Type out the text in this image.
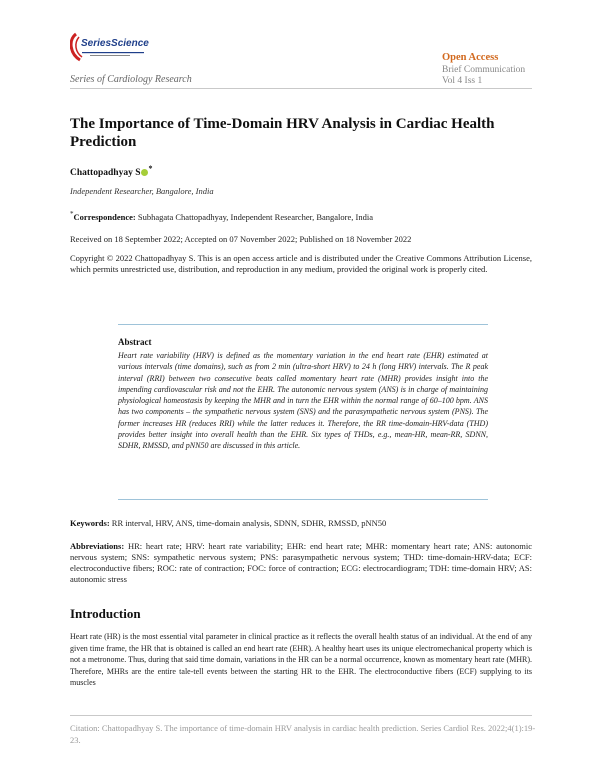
SeriesScience
Series of Cardiology Research
Open Access
Brief Communication
Vol 4 Iss 1
The Importance of Time-Domain HRV Analysis in Cardiac Health Prediction
Chattopadhyay S *
Independent Researcher, Bangalore, India
*Correspondence: Subhagata Chattopadhyay, Independent Researcher, Bangalore, India
Received on 18 September 2022; Accepted on 07 November 2022; Published on 18 November 2022
Copyright © 2022 Chattopadhyay S. This is an open access article and is distributed under the Creative Commons Attribution License, which permits unrestricted use, distribution, and reproduction in any medium, provided the original work is properly cited.
Abstract
Heart rate variability (HRV) is defined as the momentary variation in the end heart rate (EHR) estimated at various intervals (time domains), such as from 2 min (ultra-short HRV) to 24 h (long HRV) intervals. The R peak interval (RRI) between two consecutive beats called momentary heart rate (MHR) provides insight into the impending cardiovascular risk and not the EHR. The autonomic nervous system (ANS) is in charge of maintaining physiological homeostasis by keeping the MHR and in turn the EHR within the normal range of 60–100 bpm. ANS has two components – the sympathetic nervous system (SNS) and the parasympathetic nervous system (PNS). The former increases HR (reduces RRI) while the latter reduces it. Therefore, the RR time-domain-HRV-data (THD) provides better insight into overall health than the EHR. Six types of THDs, e.g., mean-HR, mean-RR, SDNN, SDHR, RMSSD, and pNN50 are discussed in this article.
Keywords: RR interval, HRV, ANS, time-domain analysis, SDNN, SDHR, RMSSD, pNN50
Abbreviations: HR: heart rate; HRV: heart rate variability; EHR: end heart rate; MHR: momentary heart rate; ANS: autonomic nervous system; SNS: sympathetic nervous system; PNS: parasympathetic nervous system; THD: time-domain-HRV-data; ECF: electroconductive fibers; ROC: rate of contraction; FOC: force of contraction; ECG: electrocardiogram; TDH: time-domain HRV; AS: autonomic stress
Introduction
Heart rate (HR) is the most essential vital parameter in clinical practice as it reflects the overall health status of an individual. At the end of any given time frame, the HR that is obtained is called an end heart rate (EHR). A healthy heart uses its unique electromechanical property which is not a metronome. Thus, during that said time domain, variations in the HR can be a normal occurrence, known as momentary heart rate (MHR). Therefore, MHRs are the entire tale-tell events between the starting HR to the EHR. The electroconductive fibers (ECF) supplying to its muscles
Citation: Chattopadhyay S. The importance of time-domain HRV analysis in cardiac health prediction. Series Cardiol Res. 2022;4(1):19-23.
